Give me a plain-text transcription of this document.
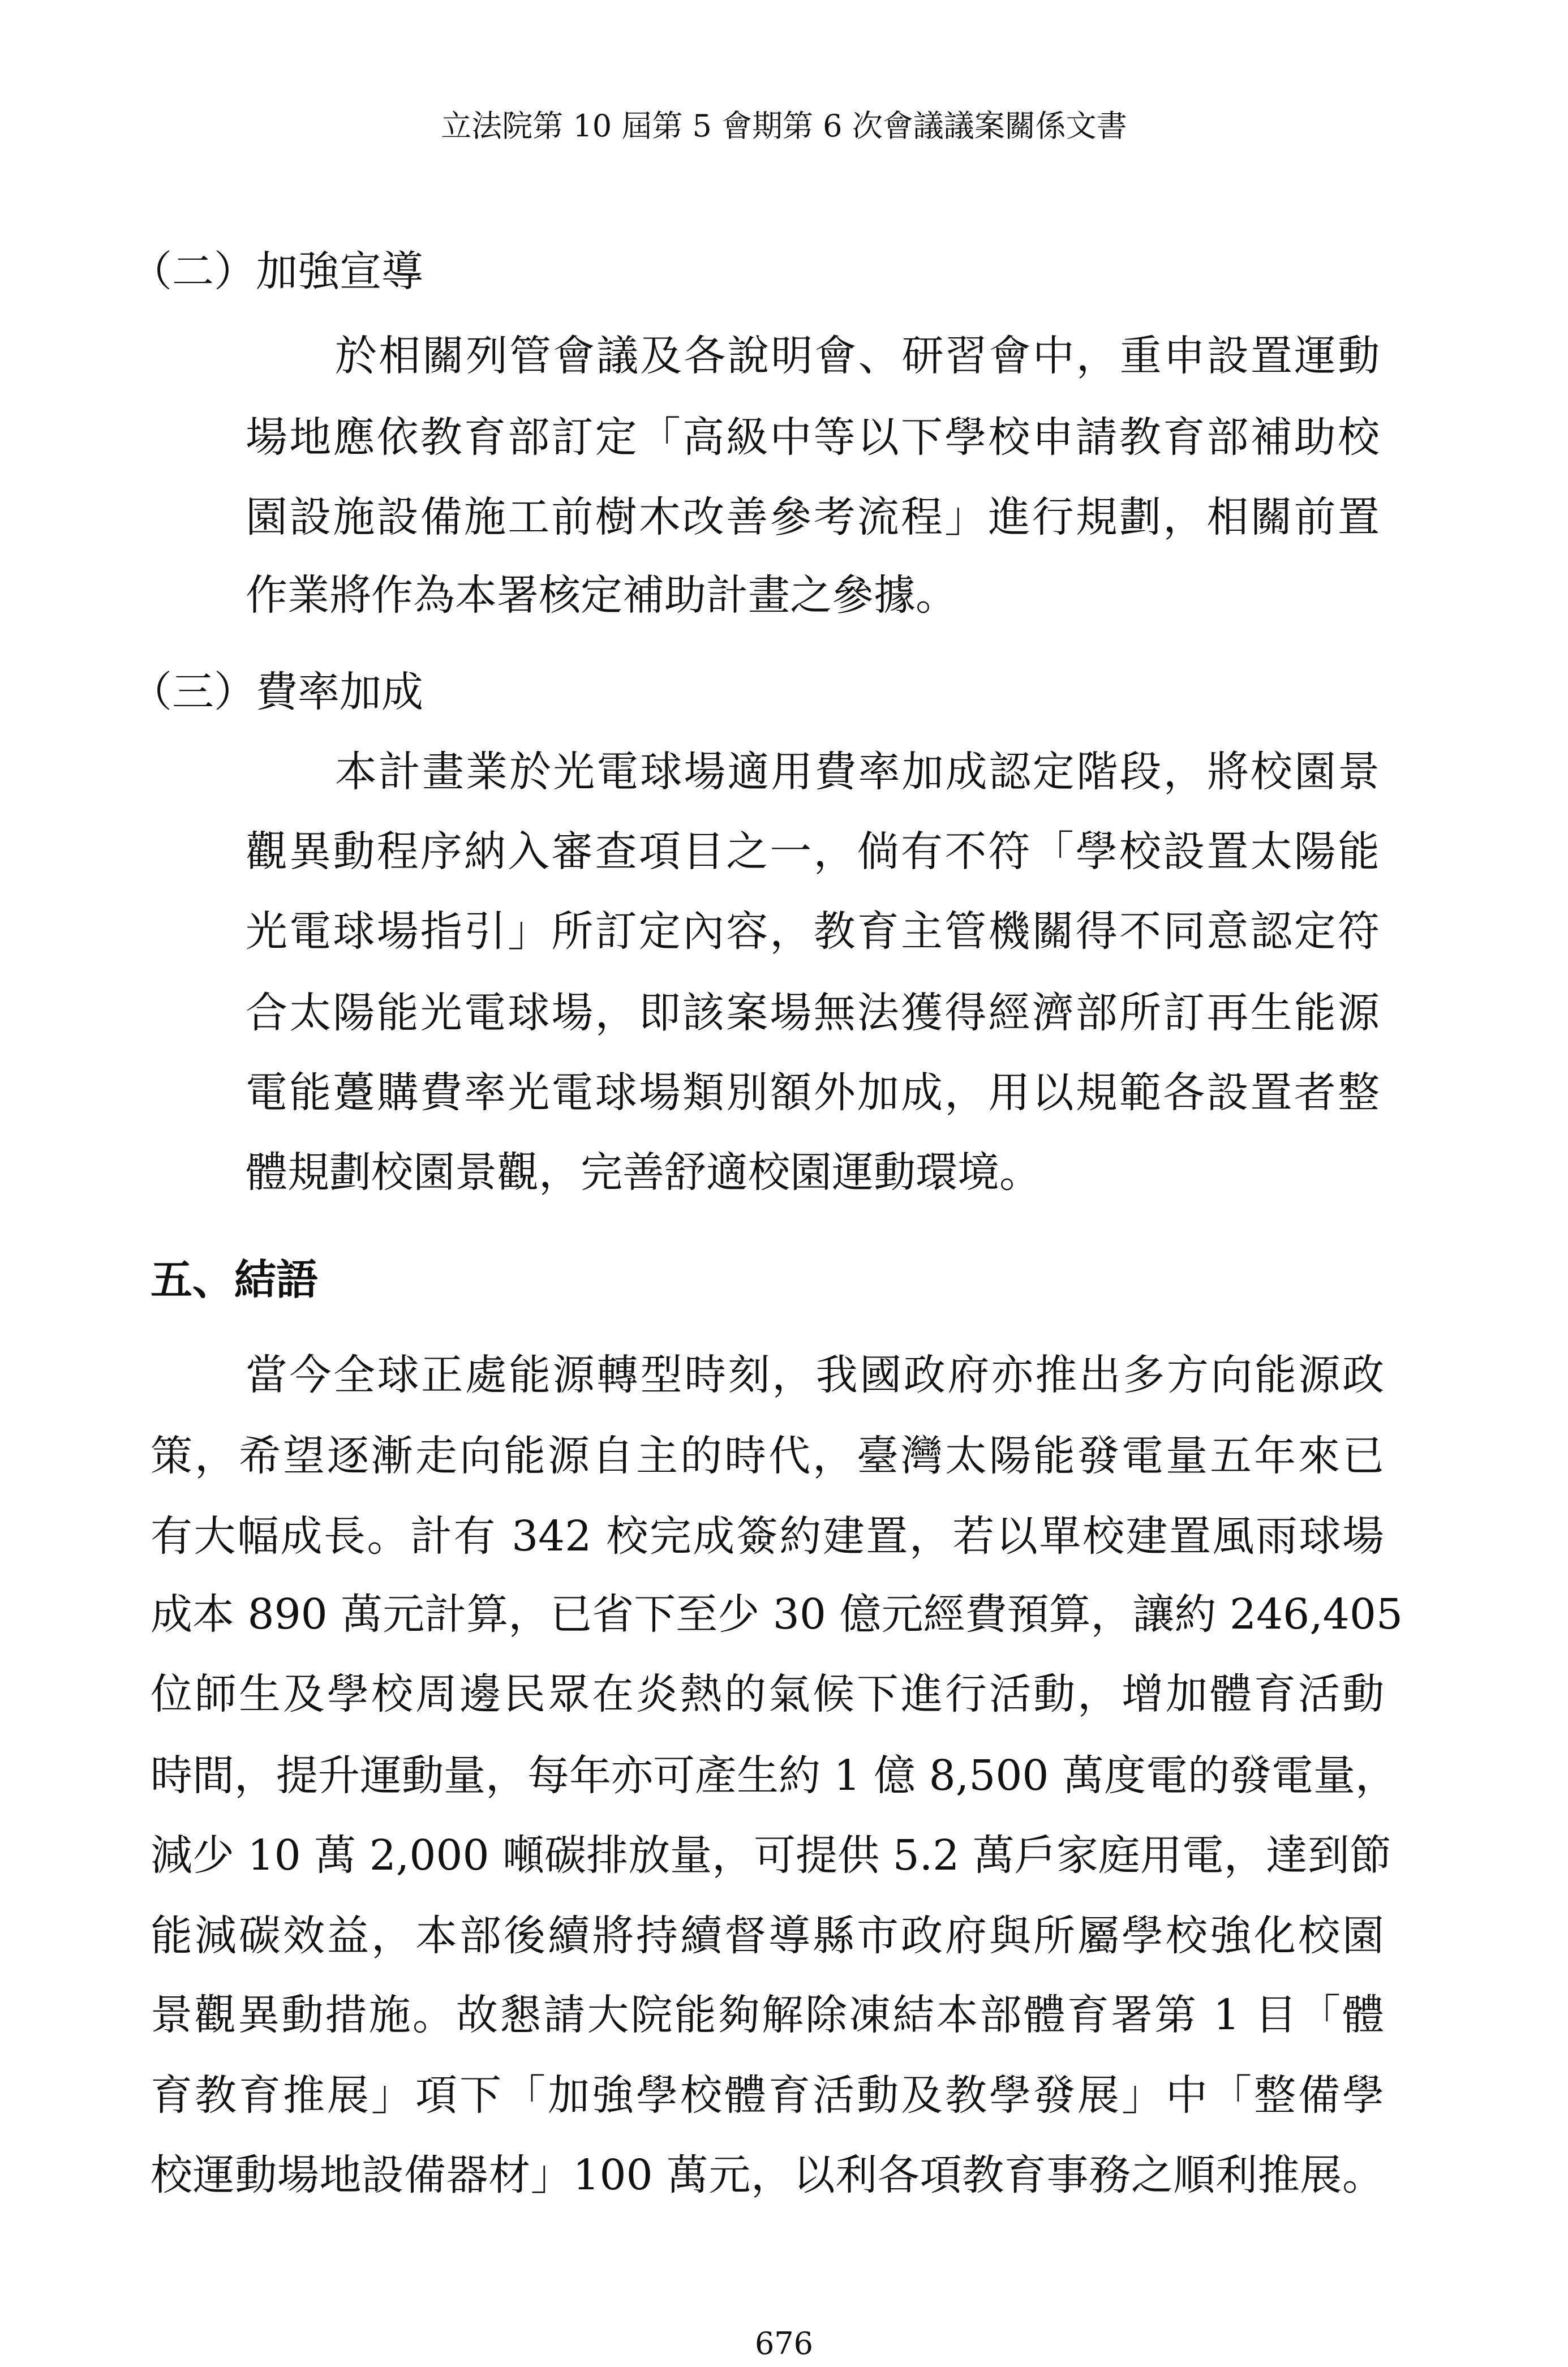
立法院第 10 屆第 5 會期第 6 次會議議案關係文書
（二）加強宣導
於相關列管會議及各說明會、研習會中，重申設置運動
場地應依教育部訂定「高級中等以下學校申請教育部補助校
園設施設備施工前樹木改善參考流程」進行規劃，相關前置
作業將作為本署核定補助計畫之參據。
（三）費率加成
本計畫業於光電球場適用費率加成認定階段，將校園景
觀異動程序納入審查項目之一，倘有不符「學校設置太陽能
光電球場指引」所訂定內容，教育主管機關得不同意認定符
合太陽能光電球場，即該案場無法獲得經濟部所訂再生能源
電能躉購費率光電球場類別額外加成，用以規範各設置者整
體規劃校園景觀，完善舒適校園運動環境。
五、結語
當今全球正處能源轉型時刻，我國政府亦推出多方向能源政
策，希望逐漸走向能源自主的時代，臺灣太陽能發電量五年來已
有大幅成長。計有 342 校完成簽約建置，若以單校建置風雨球場
成本 890 萬元計算，已省下至少 30 億元經費預算，讓約 246,405
位師生及學校周邊民眾在炎熱的氣候下進行活動，增加體育活動
時間，提升運動量，每年亦可產生約 1 億 8,500 萬度電的發電量，
減少 10 萬 2,000 噸碳排放量，可提供 5.2 萬戶家庭用電，達到節
能減碳效益，本部後續將持續督導縣市政府與所屬學校強化校園
景觀異動措施。故懇請大院能夠解除凍結本部體育署第 1 目「體
育教育推展」項下「加強學校體育活動及教學發展」中「整備學
校運動場地設備器材」100 萬元，以利各項教育事務之順利推展。
676
